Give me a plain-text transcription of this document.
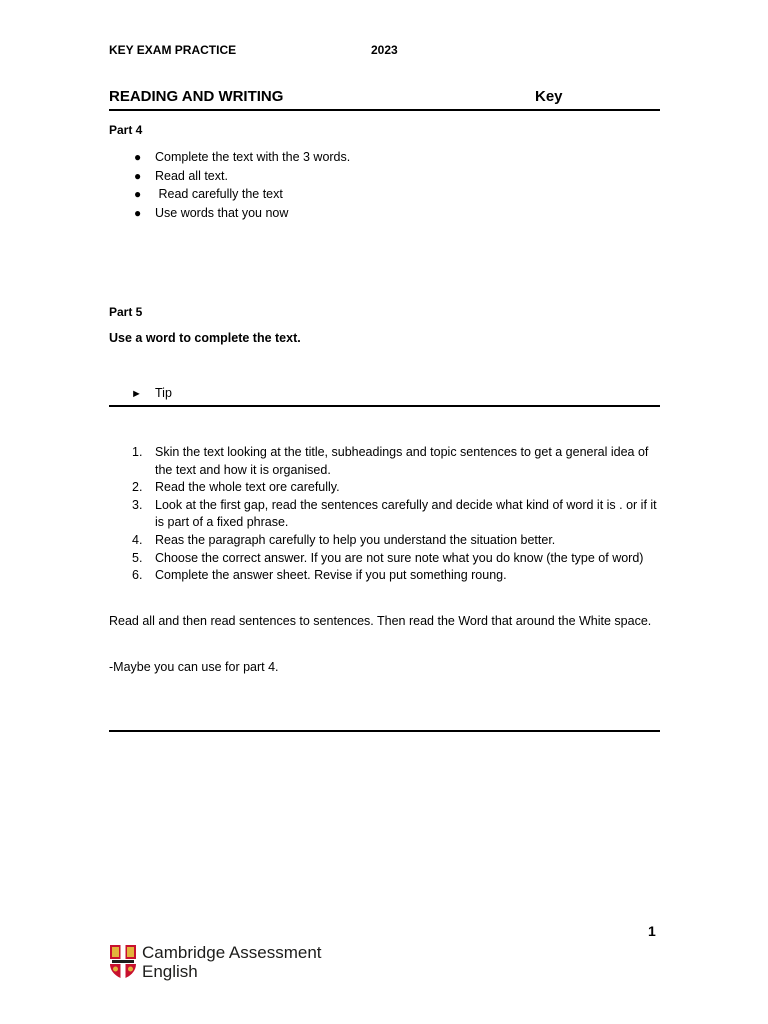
KEY EXAM PRACTICE	2023
READING AND WRITING	Key
Part 4
● Complete the text with the 3 words.
● Read all text.
● Read carefully the text
● Use words that you now
Part 5
Use a word to complete the text.
► Tip
1. Skin the text looking at the title, subheadings and topic sentences to get a general idea of the text and how it is organised.
2. Read the whole text ore carefully.
3. Look at the first gap, read the sentences carefully and decide what kind of word it is . or if it is part of a fixed phrase.
4. Reas the paragraph carefully to help you understand the situation better.
5. Choose the correct answer. If you are not sure note what you do know (the type of word)
6. Complete the answer sheet. Revise if you put something roung.
Read all and then read sentences to sentences. Then read the Word that around the White space.
-Maybe you can use for part 4.
1
Cambridge Assessment
English
